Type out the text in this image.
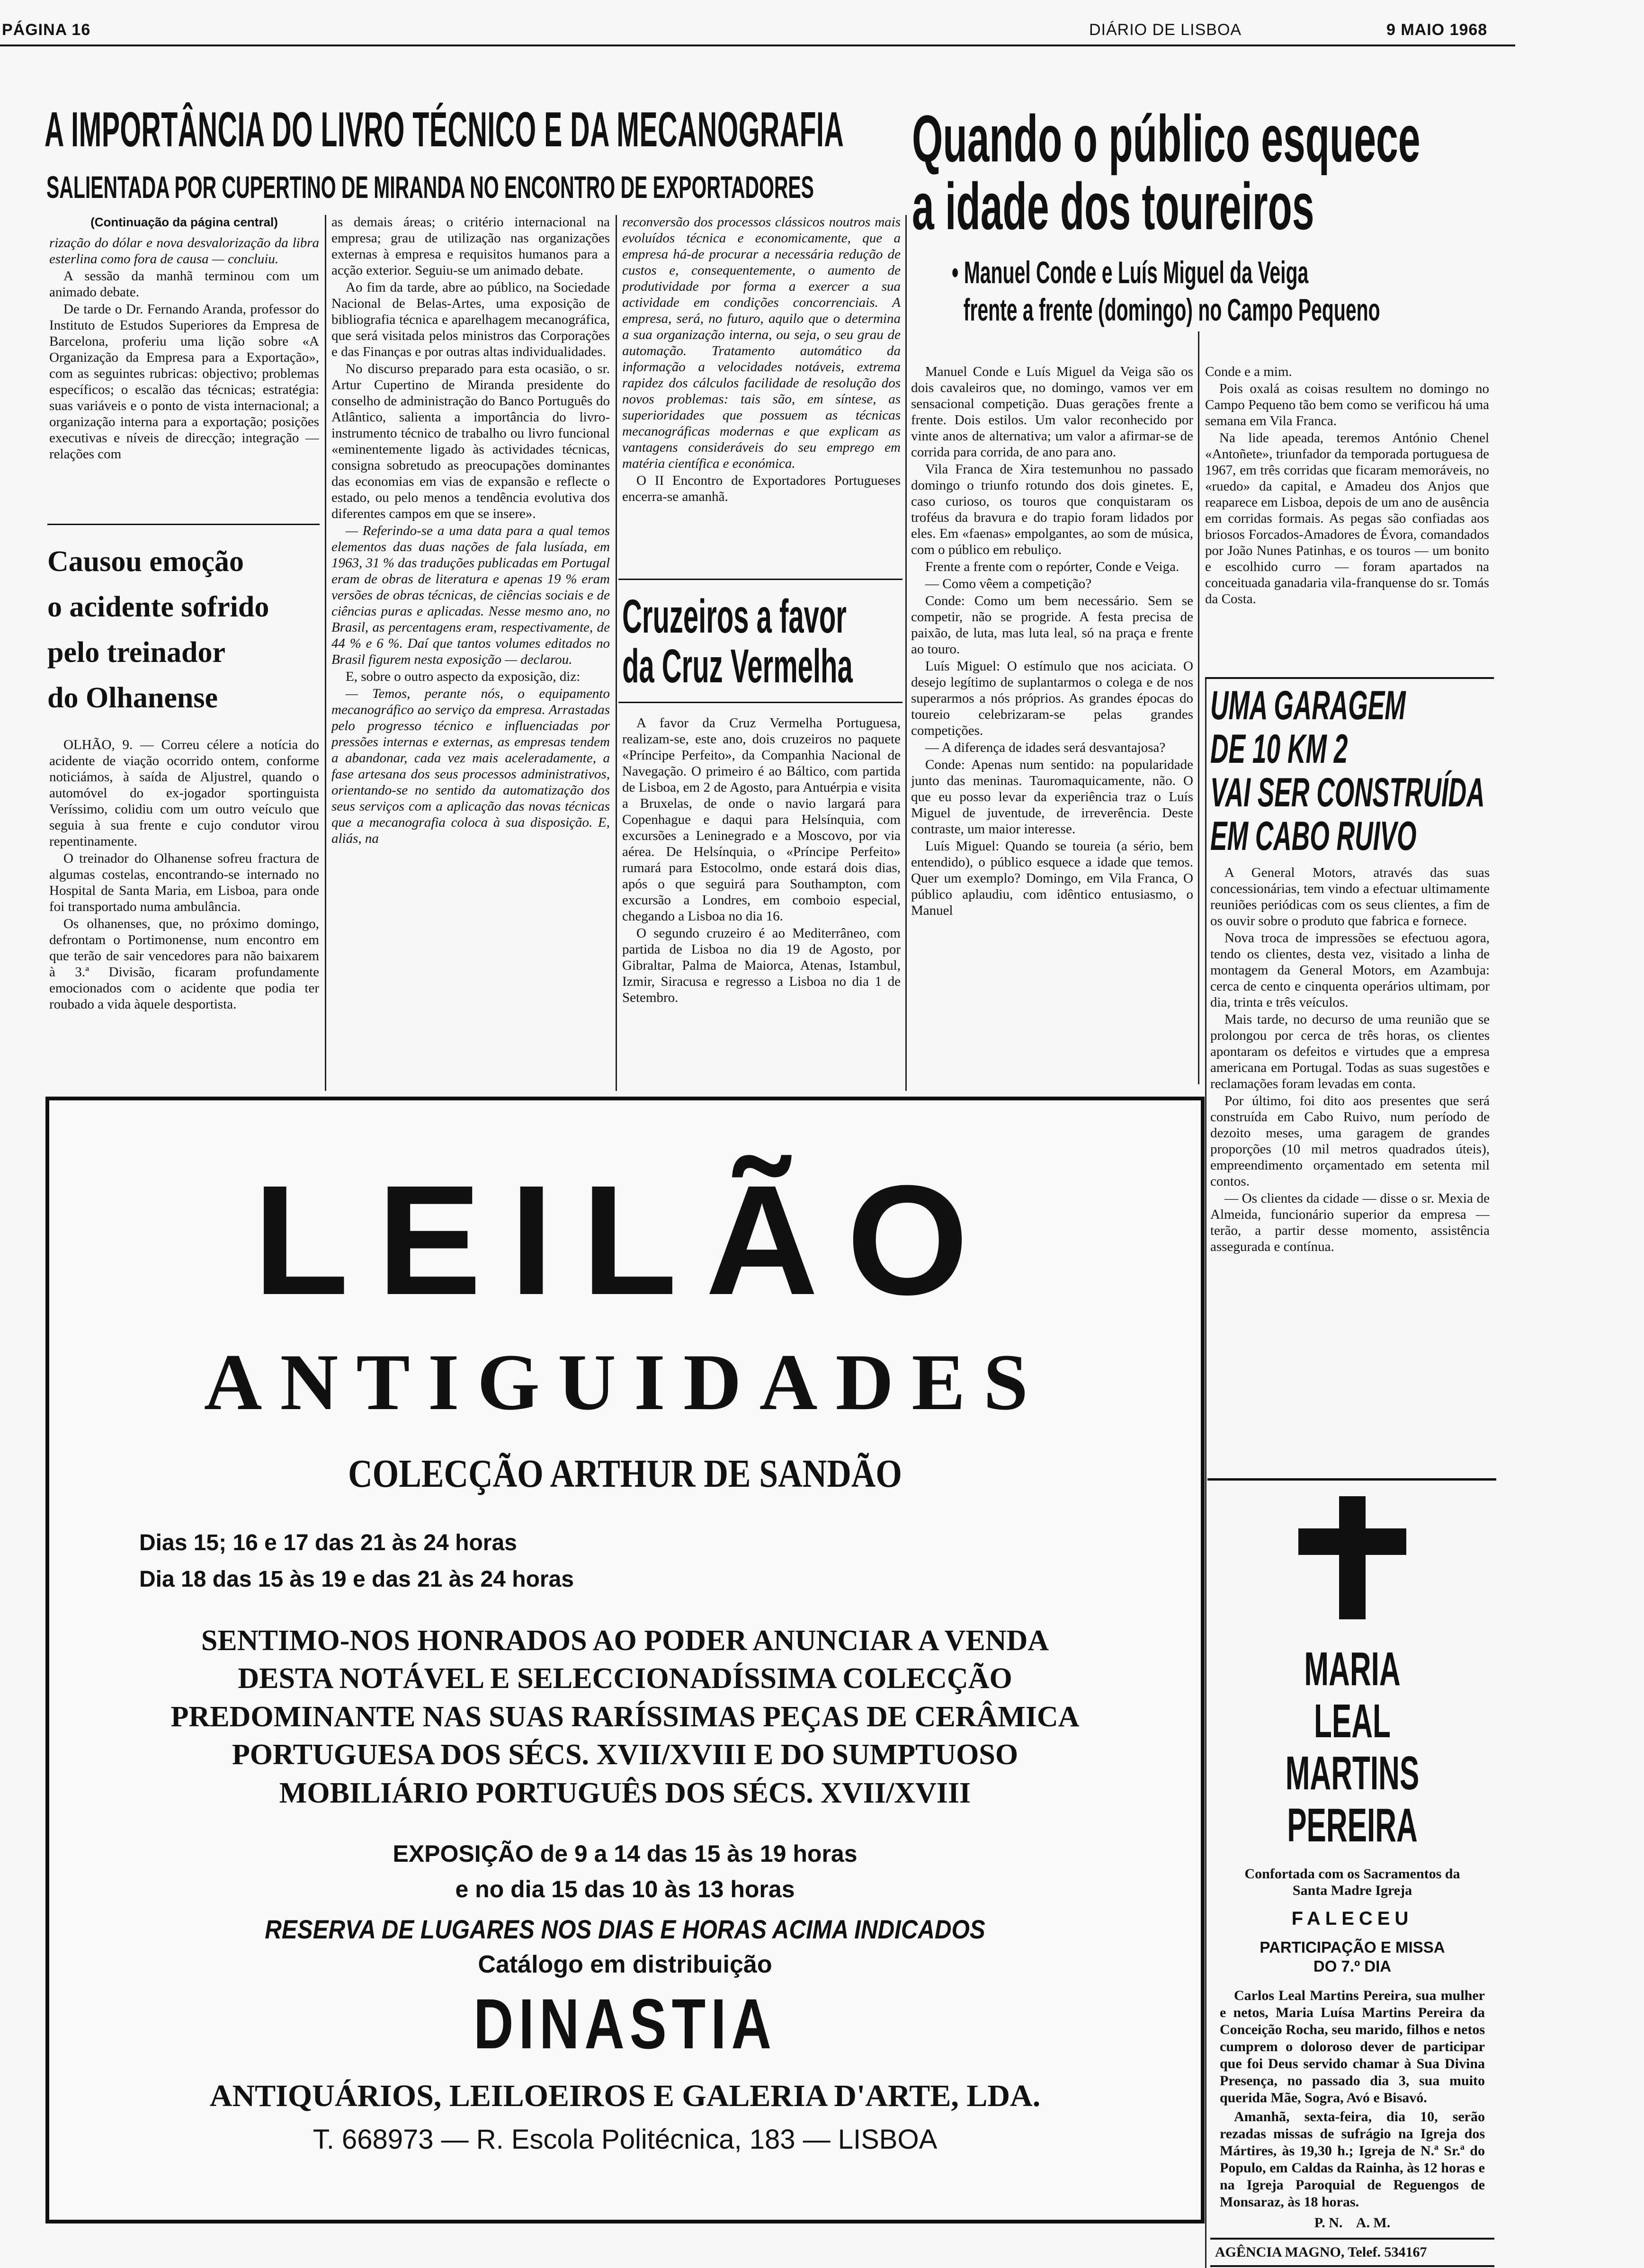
PÁGINA 16	DIÁRIO DE LISBOA	9 MAIO 1968
A IMPORTÂNCIA DO LIVRO TÉCNICO E DA MECANOGRAFIA
SALIENTADA POR CUPERTINO DE MIRANDA NO ENCONTRO DE EXPORTADORES
(Continuação da página central)

rização do dólar e nova desvalorização da libra esterlina como fora de causa — concluiu.

A sessão da manhã terminou com um animado debate.

De tarde o Dr. Fernando Aranda, professor do Instituto de Estudos Superiores da Empresa de Barcelona, proferiu uma lição sobre «A Organização da Empresa para a Exportação», com as seguintes rubricas: objectivo; problemas específicos; o escalão das técnicas; estratégia: suas variáveis e o ponto de vista internacional; a organização interna para a exportação; posições executivas e níveis de direcção; integração — relações com

Causou emoção
o acidente sofrido
pelo treinador
do Olhanense

OLHÃO, 9. — Correu célere a notícia do acidente de viação ocorrido ontem, conforme noticiámos, à saída de Aljustrel, quando o automóvel do ex-jogador sportinguista Veríssimo, colidiu com um outro veículo que seguia à sua frente e cujo condutor virou repentinamente.

O treinador do Olhanense sofreu fractura de algumas costelas, encontrando-se internado no Hospital de Santa Maria, em Lisboa, para onde foi transportado numa ambulância.

Os olhanenses, que, no próximo domingo, defrontam o Portimonense, num encontro em que terão de sair vencedores para não baixarem à 3.ª Divisão, ficaram profundamente emocionados com o acidente que podia ter roubado a vida àquele desportista.

as demais áreas; o critério internacional na empresa; grau de utilização nas organizações externas à empresa e requisitos humanos para a acção exterior. Seguiu-se um animado debate.

Ao fim da tarde, abre ao público, na Sociedade Nacional de Belas-Artes, uma exposição de bibliografia técnica e aparelhagem mecanográfica, que será visitada pelos ministros das Corporações e das Finanças e por outras altas individualidades.

No discurso preparado para esta ocasião, o sr. Artur Cupertino de Miranda presidente do conselho de administração do Banco Português do Atlântico, salienta a importância do livro-instrumento técnico de trabalho ou livro funcional «eminentemente ligado às actividades técnicas, consigna sobretudo as preocupações dominantes das economias em vias de expansão e reflecte o estado, ou pelo menos a tendência evolutiva dos diferentes campos em que se insere».

— Referindo-se a uma data para a qual temos elementos das duas nações de fala lusíada, em 1963, 31 % das traduções publicadas em Portugal eram de obras de literatura e apenas 19 % eram versões de obras técnicas, de ciências sociais e de ciências puras e aplicadas. Nesse mesmo ano, no Brasil, as percentagens eram, respectivamente, de 44 % e 6 %. Daí que tantos volumes editados no Brasil figurem nesta exposição — declarou.

E, sobre o outro aspecto da exposição, diz:

— Temos, perante nós, o equipamento mecanográfico ao serviço da empresa. Arrastadas pelo progresso técnico e influenciadas por pressões internas e externas, as empresas tendem a abandonar, cada vez mais aceleradamente, a fase artesana dos seus processos administrativos, orientando-se no sentido da automatização dos seus serviços com a aplicação das novas técnicas que a mecanografia coloca à sua disposição. E, aliás, na

reconversão dos processos clássicos noutros mais evoluídos técnica e economicamente, que a empresa há-de procurar a necessária redução de custos e, consequentemente, o aumento de produtividade por forma a exercer a sua actividade em condições concorrenciais. A empresa, será, no futuro, aquilo que o determina a sua organização interna, ou seja, o seu grau de automação. Tratamento automático da informação a velocidades notáveis, extrema rapidez dos cálculos facilidade de resolução dos novos problemas: tais são, em síntese, as superioridades que possuem as técnicas mecanográficas modernas e que explicam as vantagens consideráveis do seu emprego em matéria científica e económica.

O II Encontro de Exportadores Portugueses encerra-se amanhã.

Cruzeiros a favor
da Cruz Vermelha

A favor da Cruz Vermelha Portuguesa, realizam-se, este ano, dois cruzeiros no paquete «Príncipe Perfeito», da Companhia Nacional de Navegação. O primeiro é ao Báltico, com partida de Lisboa, em 2 de Agosto, para Antuérpia e visita a Bruxelas, de onde o navio largará para Copenhague e daqui para Helsínquia, com excursões a Leninegrado e a Moscovo, por via aérea. De Helsínquia, o «Príncipe Perfeito» rumará para Estocolmo, onde estará dois dias, após o que seguirá para Southampton, com excursão a Londres, em comboio especial, chegando a Lisboa no dia 16.

O segundo cruzeiro é ao Mediterrâneo, com partida de Lisboa no dia 19 de Agosto, por Gibraltar, Palma de Maiorca, Atenas, Istambul, Izmir, Siracusa e regresso a Lisboa no dia 1 de Setembro.

Quando o público esquece
a idade dos toureiros
• Manuel Conde e Luís Miguel da Veiga
frente a frente (domingo) no Campo Pequeno

Manuel Conde e Luís Miguel da Veiga são os dois cavaleiros que, no domingo, vamos ver em sensacional competição. Duas gerações frente a frente. Dois estilos. Um valor reconhecido por vinte anos de alternativa; um valor a afirmar-se de corrida para corrida, de ano para ano.

Vila Franca de Xira testemunhou no passado domingo o triunfo rotundo dos dois ginetes. E, caso curioso, os touros que conquistaram os troféus da bravura e do trapio foram lidados por eles. Em «faenas» empolgantes, ao som de música, com o público em rebuliço.

Frente a frente com o repórter, Conde e Veiga.

— Como vêem a competição?

Conde: Como um bem necessário. Sem se competir, não se progride. A festa precisa de paixão, de luta, mas luta leal, só na praça e frente ao touro.

Luís Miguel: O estímulo que nos aciciata. O desejo legítimo de suplantarmos o colega e de nos superarmos a nós próprios. As grandes épocas do toureio celebrizaram-se pelas grandes competições.

— A diferença de idades será desvantajosa?

Conde: Apenas num sentido: na popularidade junto das meninas. Tauromaquicamente, não. O que eu posso levar da experiência traz o Luís Miguel de juventude, de irreverência. Deste contraste, um maior interesse.

Luís Miguel: Quando se toureia (a sério, bem entendido), o público esquece a idade que temos. Quer um exemplo? Domingo, em Vila Franca, O público aplaudiu, com idêntico entusiasmo, o Manuel

Conde e a mim.

Pois oxalá as coisas resultem no domingo no Campo Pequeno tão bem como se verificou há uma semana em Vila Franca.

Na lide apeada, teremos António Chenel «Antoñete», triunfador da temporada portuguesa de 1967, em três corridas que ficaram memoráveis, no «ruedo» da capital, e Amadeu dos Anjos que reaparece em Lisboa, depois de um ano de ausência em corridas formais. As pegas são confiadas aos briosos Forcados-Amadores de Évora, comandados por João Nunes Patinhas, e os touros — um bonito e escolhido curro — foram apartados na conceituada ganadaria vila-franquense do sr. Tomás da Costa.

UMA GARAGEM
DE 10 KM 2
VAI SER CONSTRUÍDA
EM CABO RUIVO

A General Motors, através das suas concessionárias, tem vindo a efectuar ultimamente reuniões periódicas com os seus clientes, a fim de os ouvir sobre o produto que fabrica e fornece.

Nova troca de impressões se efectuou agora, tendo os clientes, desta vez, visitado a linha de montagem da General Motors, em Azambuja: cerca de cento e cinquenta operários ultimam, por dia, trinta e três veículos.

Mais tarde, no decurso de uma reunião que se prolongou por cerca de três horas, os clientes apontaram os defeitos e virtudes que a empresa americana em Portugal. Todas as suas sugestões e reclamações foram levadas em conta.

Por último, foi dito aos presentes que será construída em Cabo Ruivo, num período de dezoito meses, uma garagem de grandes proporções (10 mil metros quadrados úteis), empreendimento orçamentado em setenta mil contos.

— Os clientes da cidade — disse o sr. Mexia de Almeida, funcionário superior da empresa — terão, a partir desse momento, assistência assegurada e contínua.

LEILÃO
ANTIGUIDADES
COLECÇÃO ARTHUR DE SANDÃO
Dias 15; 16 e 17 das 21 às 24 horas
Dia 18 das 15 às 19 e das 21 às 24 horas
SENTIMO-NOS HONRADOS AO PODER ANUNCIAR A VENDA
DESTA NOTÁVEL E SELECCIONADÍSSIMA COLECÇÃO
PREDOMINANTE NAS SUAS RARÍSSIMAS PEÇAS DE CERÂMICA
PORTUGUESA DOS SÉCS. XVII/XVIII E DO SUMPTUOSO
MOBILIÁRIO PORTUGUÊS DOS SÉCS. XVII/XVIII
EXPOSIÇÃO de 9 a 14 das 15 às 19 horas
e no dia 15 das 10 às 13 horas
RESERVA DE LUGARES NOS DIAS E HORAS ACIMA INDICADOS
Catálogo em distribuição
DINASTIA
ANTIQUÁRIOS, LEILOEIROS E GALERIA D'ARTE, LDA.
T. 668973 — R. Escola Politécnica, 183 — LISBOA
MARIA LEAL
MARTINS PEREIRA
Confortada com os Sacramentos da Santa Madre Igreja
FALECEU
PARTICIPAÇÃO E MISSA DO 7.º DIA

Carlos Leal Martins Pereira, sua mulher e netos, Maria Luísa Martins Pereira da Conceição Rocha, seu marido, filhos e netos cumprem o doloroso dever de participar que foi Deus servido chamar à Sua Divina Presença, no passado dia 3, sua muito querida Mãe, Sogra, Avó e Bisavó.

Amanhã, sexta-feira, dia 10, serão rezadas missas de sufrágio na Igreja dos Mártires, às 19,30 h.; Igreja de N.ª Sr.ª do Populo, em Caldas da Rainha, às 12 horas e na Igreja Paroquial de Reguengos de Monsaraz, às 18 horas.

P. N.    A. M.
AGÊNCIA MAGNO, Telef. 534167
